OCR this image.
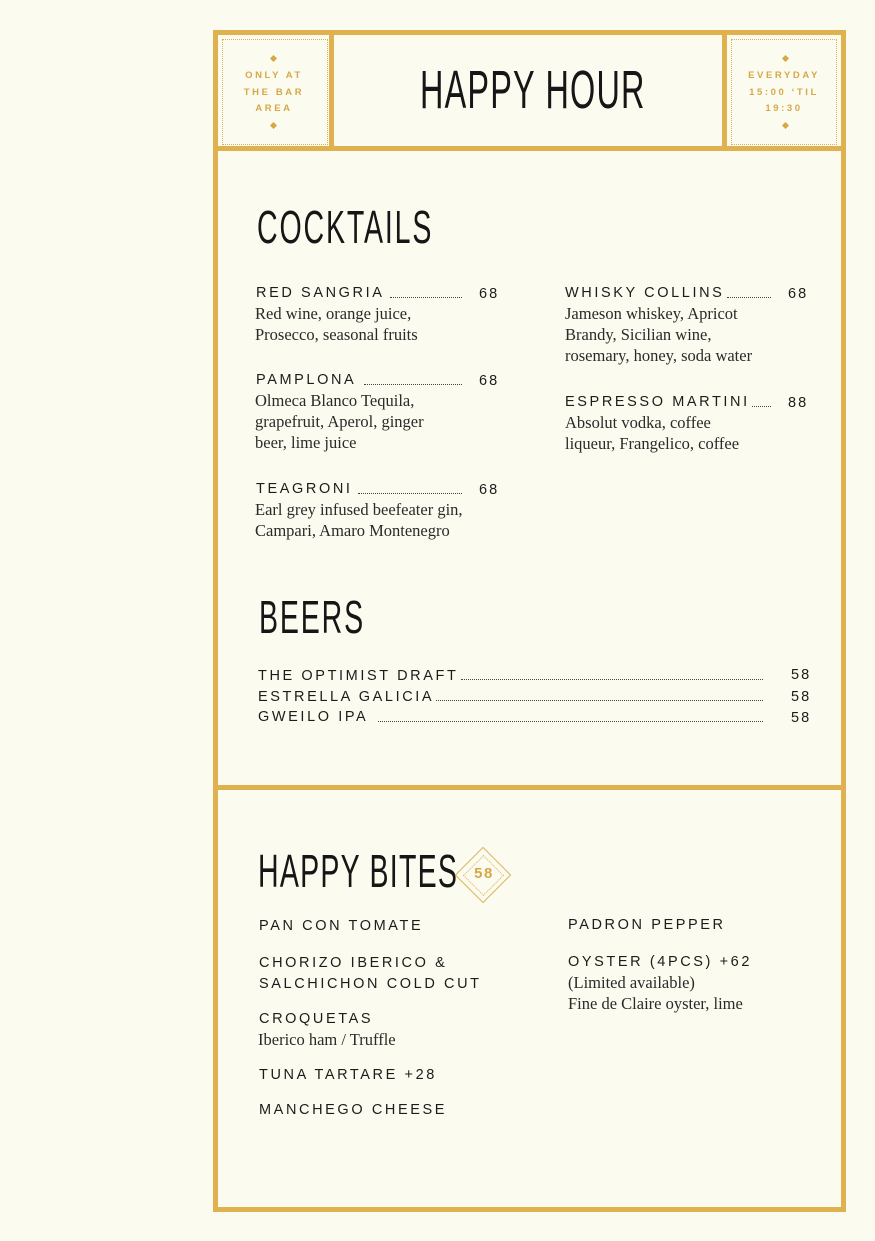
ONLY AT
THE BAR
AREA	HAPPY HOUR	EVERYDAY
15:00 ‘TIL
19:30
COCKTAILS
RED SANGRIA	68
Red wine, orange juice,
Prosecco, seasonal fruits
PAMPLONA	68
Olmeca Blanco Tequila,
grapefruit, Aperol, ginger
beer, lime juice
TEAGRONI	68
Earl grey infused beefeater gin,
Campari, Amaro Montenegro
WHISKY COLLINS	68
Jameson whiskey, Apricot
Brandy, Sicilian wine,
rosemary, honey, soda water
ESPRESSO MARTINI	88
Absolut vodka, coffee
liqueur, Frangelico, coffee
BEERS
THE OPTIMIST DRAFT	58
ESTRELLA GALICIA	58
GWEILO IPA	58
HAPPY BITES	58
PAN CON TOMATE
CHORIZO IBERICO &
SALCHICHON COLD CUT
CROQUETAS
Iberico ham / Truffle
TUNA TARTARE +28
MANCHEGO CHEESE
PADRON PEPPER
OYSTER (4PCS) +62
(Limited available)
Fine de Claire oyster, lime
